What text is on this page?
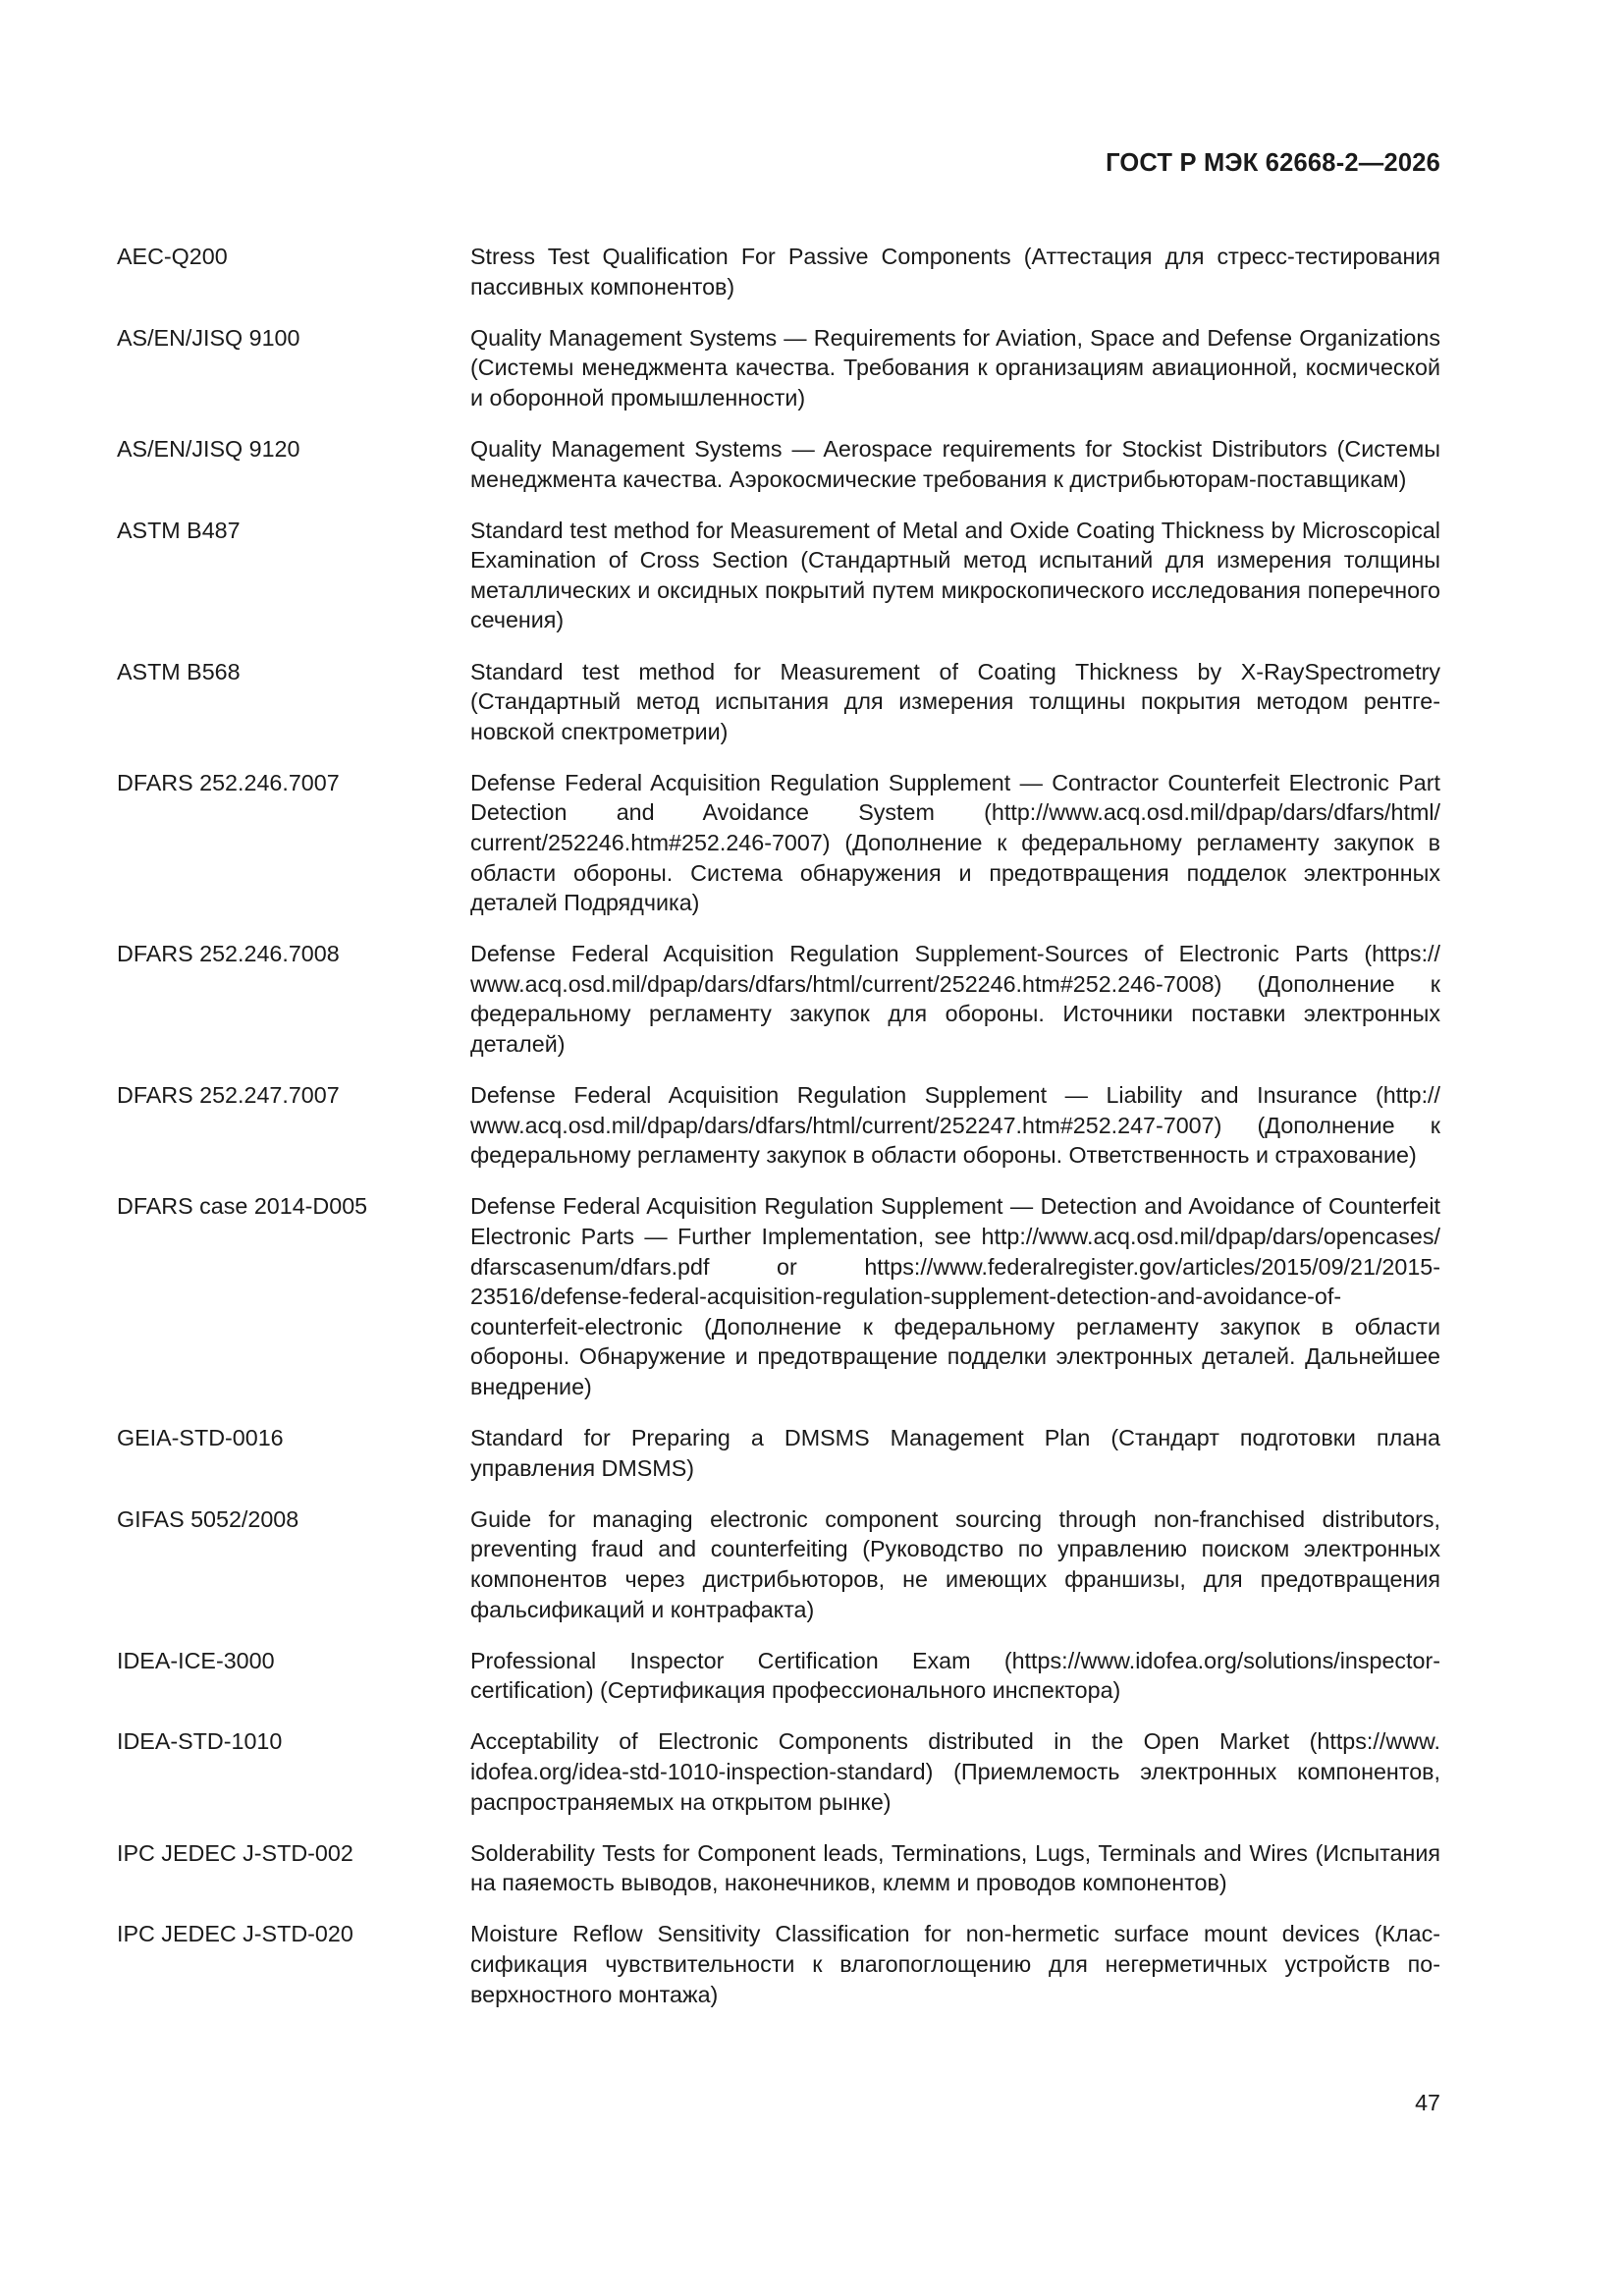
ГОСТ Р МЭК 62668-2—2026
AEC-Q200	Stress Test Qualification For Passive Components (Аттестация для стресс-тестирования пассивных компонентов)
AS/EN/JISQ 9100	Quality Management Systems — Requirements for Aviation, Space and Defense Organizations (Системы менеджмента качества. Требования к организациям авиационной, космической и оборонной промышленности)
AS/EN/JISQ 9120	Quality Management Systems — Aerospace requirements for Stockist Distributors (Системы менеджмента качества. Аэрокосмические требования к дистрибьюторам-поставщикам)
ASTM B487	Standard test method for Measurement of Metal and Oxide Coating Thickness by Microscopical Examination of Cross Section (Стандартный метод испытаний для измерения толщины металлических и оксидных покрытий путем микроскопического исследования поперечного сечения)
ASTM B568	Standard test method for Measurement of Coating Thickness by X-RaySpectrometry (Стандартный метод испытания для измерения толщины покрытия методом рентгеновской спектрометрии)
DFARS 252.246.7007	Defense Federal Acquisition Regulation Supplement — Contractor Counterfeit Electronic Part Detection and Avoidance System (http://www.acq.osd.mil/dpap/dars/dfars/html/​current/252246.htm#252.246-7007) (Дополнение к федеральному регламенту закупок в области обороны. Система обнаружения и предотвращения подделок электронных деталей Подрядчика)
DFARS 252.246.7008	Defense Federal Acquisition Regulation Supplement-Sources of Electronic Parts (https://​www.acq.osd.mil/dpap/dars/dfars/html/current/252246.htm#252.246-7008) (Дополнение к федеральному регламенту закупок для обороны. Источники поставки электронных деталей)
DFARS 252.247.7007	Defense Federal Acquisition Regulation Supplement — Liability and Insurance (http://​www.acq.osd.mil/dpap/dars/dfars/html/current/252247.htm#252.247-7007) (Дополнение к федеральному регламенту закупок в области обороны. Ответственность и страхование)
DFARS case 2014-D005	Defense Federal Acquisition Regulation Supplement — Detection and Avoidance of Counterfeit Electronic Parts — Further Implementation, see http://www.acq.osd.mil/​dpap/dars/opencases/ dfarscasenum/dfars.pdf or https://www.federalregister.gov/​articles/2015/09/21/2015-23516/defense-federal-acquisition-regulation-supplement-​detection-and-avoidance-of-counterfeit-electronic (Дополнение к федеральному регламенту закупок в области обороны. Обнаружение и предотвращение подделки электронных деталей. Дальнейшее внедрение)
GEIA-STD-0016	Standard for Preparing a DMSMS Management Plan (Стандарт подготовки плана управления DMSMS)
GIFAS 5052/2008	Guide for managing electronic component sourcing through non-franchised distributors, preventing fraud and counterfeiting (Руководство по управлению поиском электронных компонентов через дистрибьюторов, не имеющих франшизы, для предотвращения фальсификаций и контрафакта)
IDEA-ICE-3000	Professional Inspector Certification Exam (https://www.idofea.org/solutions/inspector-​certification) (Сертификация профессионального инспектора)
IDEA-STD-1010	Acceptability of Electronic Components distributed in the Open Market (https://www.​idofea.org/idea-std-1010-inspection-standard) (Приемлемость электронных компонентов, распространяемых на открытом рынке)
IPC JEDEC J-STD-002	Solderability Tests for Component leads, Terminations, Lugs, Terminals and Wires (Испытания на паяемость выводов, наконечников, клемм и проводов компонентов)
IPC JEDEC J-STD-020	Moisture Reflow Sensitivity Classification for non-hermetic surface mount devices (Классификация чувствительности к влагопоглощению для негерметичных устройств поверхностного монтажа)
47
